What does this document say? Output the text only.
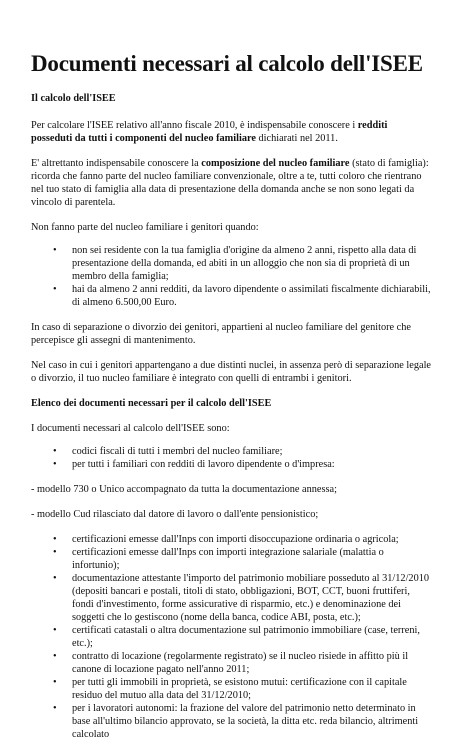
Documenti necessari al calcolo dell'ISEE

Il calcolo dell'ISEE

Per calcolare l'ISEE relativo all'anno fiscale 2010, è indispensabile conoscere i redditi posseduti da tutti i componenti del nucleo familiare dichiarati nel 2011.

E' altrettanto indispensabile conoscere la composizione del nucleo familiare (stato di famiglia): ricorda che fanno parte del nucleo familiare convenzionale, oltre a te, tutti coloro che rientrano nel tuo stato di famiglia alla data di presentazione della domanda anche se non sono legati da vincolo di parentela.

Non fanno parte del nucleo familiare i genitori quando:

• non sei residente con la tua famiglia d'origine da almeno 2 anni, rispetto alla data di presentazione della domanda, ed abiti in un alloggio che non sia di proprietà di un membro della famiglia;
• hai da almeno 2 anni redditi, da lavoro dipendente o assimilati fiscalmente dichiarabili, di almeno 6.500,00 Euro.

In caso di separazione o divorzio dei genitori, appartieni al nucleo familiare del genitore che percepisce gli assegni di mantenimento.

Nel caso in cui i genitori appartengano a due distinti nuclei, in assenza però di separazione legale o divorzio, il tuo nucleo familiare è integrato con quelli di entrambi i genitori.

Elenco dei documenti necessari per il calcolo dell'ISEE

I documenti necessari al calcolo dell'ISEE sono:

• codici fiscali di tutti i membri del nucleo familiare;
• per tutti i familiari con redditi di lavoro dipendente o d'impresa:

- modello 730 o Unico accompagnato da tutta la documentazione annessa;

- modello Cud rilasciato dal datore di lavoro o dall'ente pensionistico;

• certificazioni emesse dall'Inps con importi disoccupazione ordinaria o agricola;
• certificazioni emesse dall'Inps con importi integrazione salariale (malattia o infortunio);
• documentazione attestante l'importo del patrimonio mobiliare posseduto al 31/12/2010 (depositi bancari e postali, titoli di stato, obbligazioni, BOT, CCT, buoni fruttiferi, fondi d'investimento, forme assicurative di risparmio, etc.) e denominazione dei soggetti che lo gestiscono (nome della banca, codice ABI, posta, etc.);
• certificati catastali o altra documentazione sul patrimonio immobiliare (case, terreni, etc.);
• contratto di locazione (regolarmente registrato) se il nucleo risiede in affitto più il canone di locazione pagato nell'anno 2011;
• per tutti gli immobili in proprietà, se esistono mutui: certificazione con il capitale residuo del mutuo alla data del 31/12/2010;
• per i lavoratori autonomi: la frazione del valore del patrimonio netto determinato in base all'ultimo bilancio approvato, se la società, la ditta etc. reda bilancio, altrimenti calcolato
